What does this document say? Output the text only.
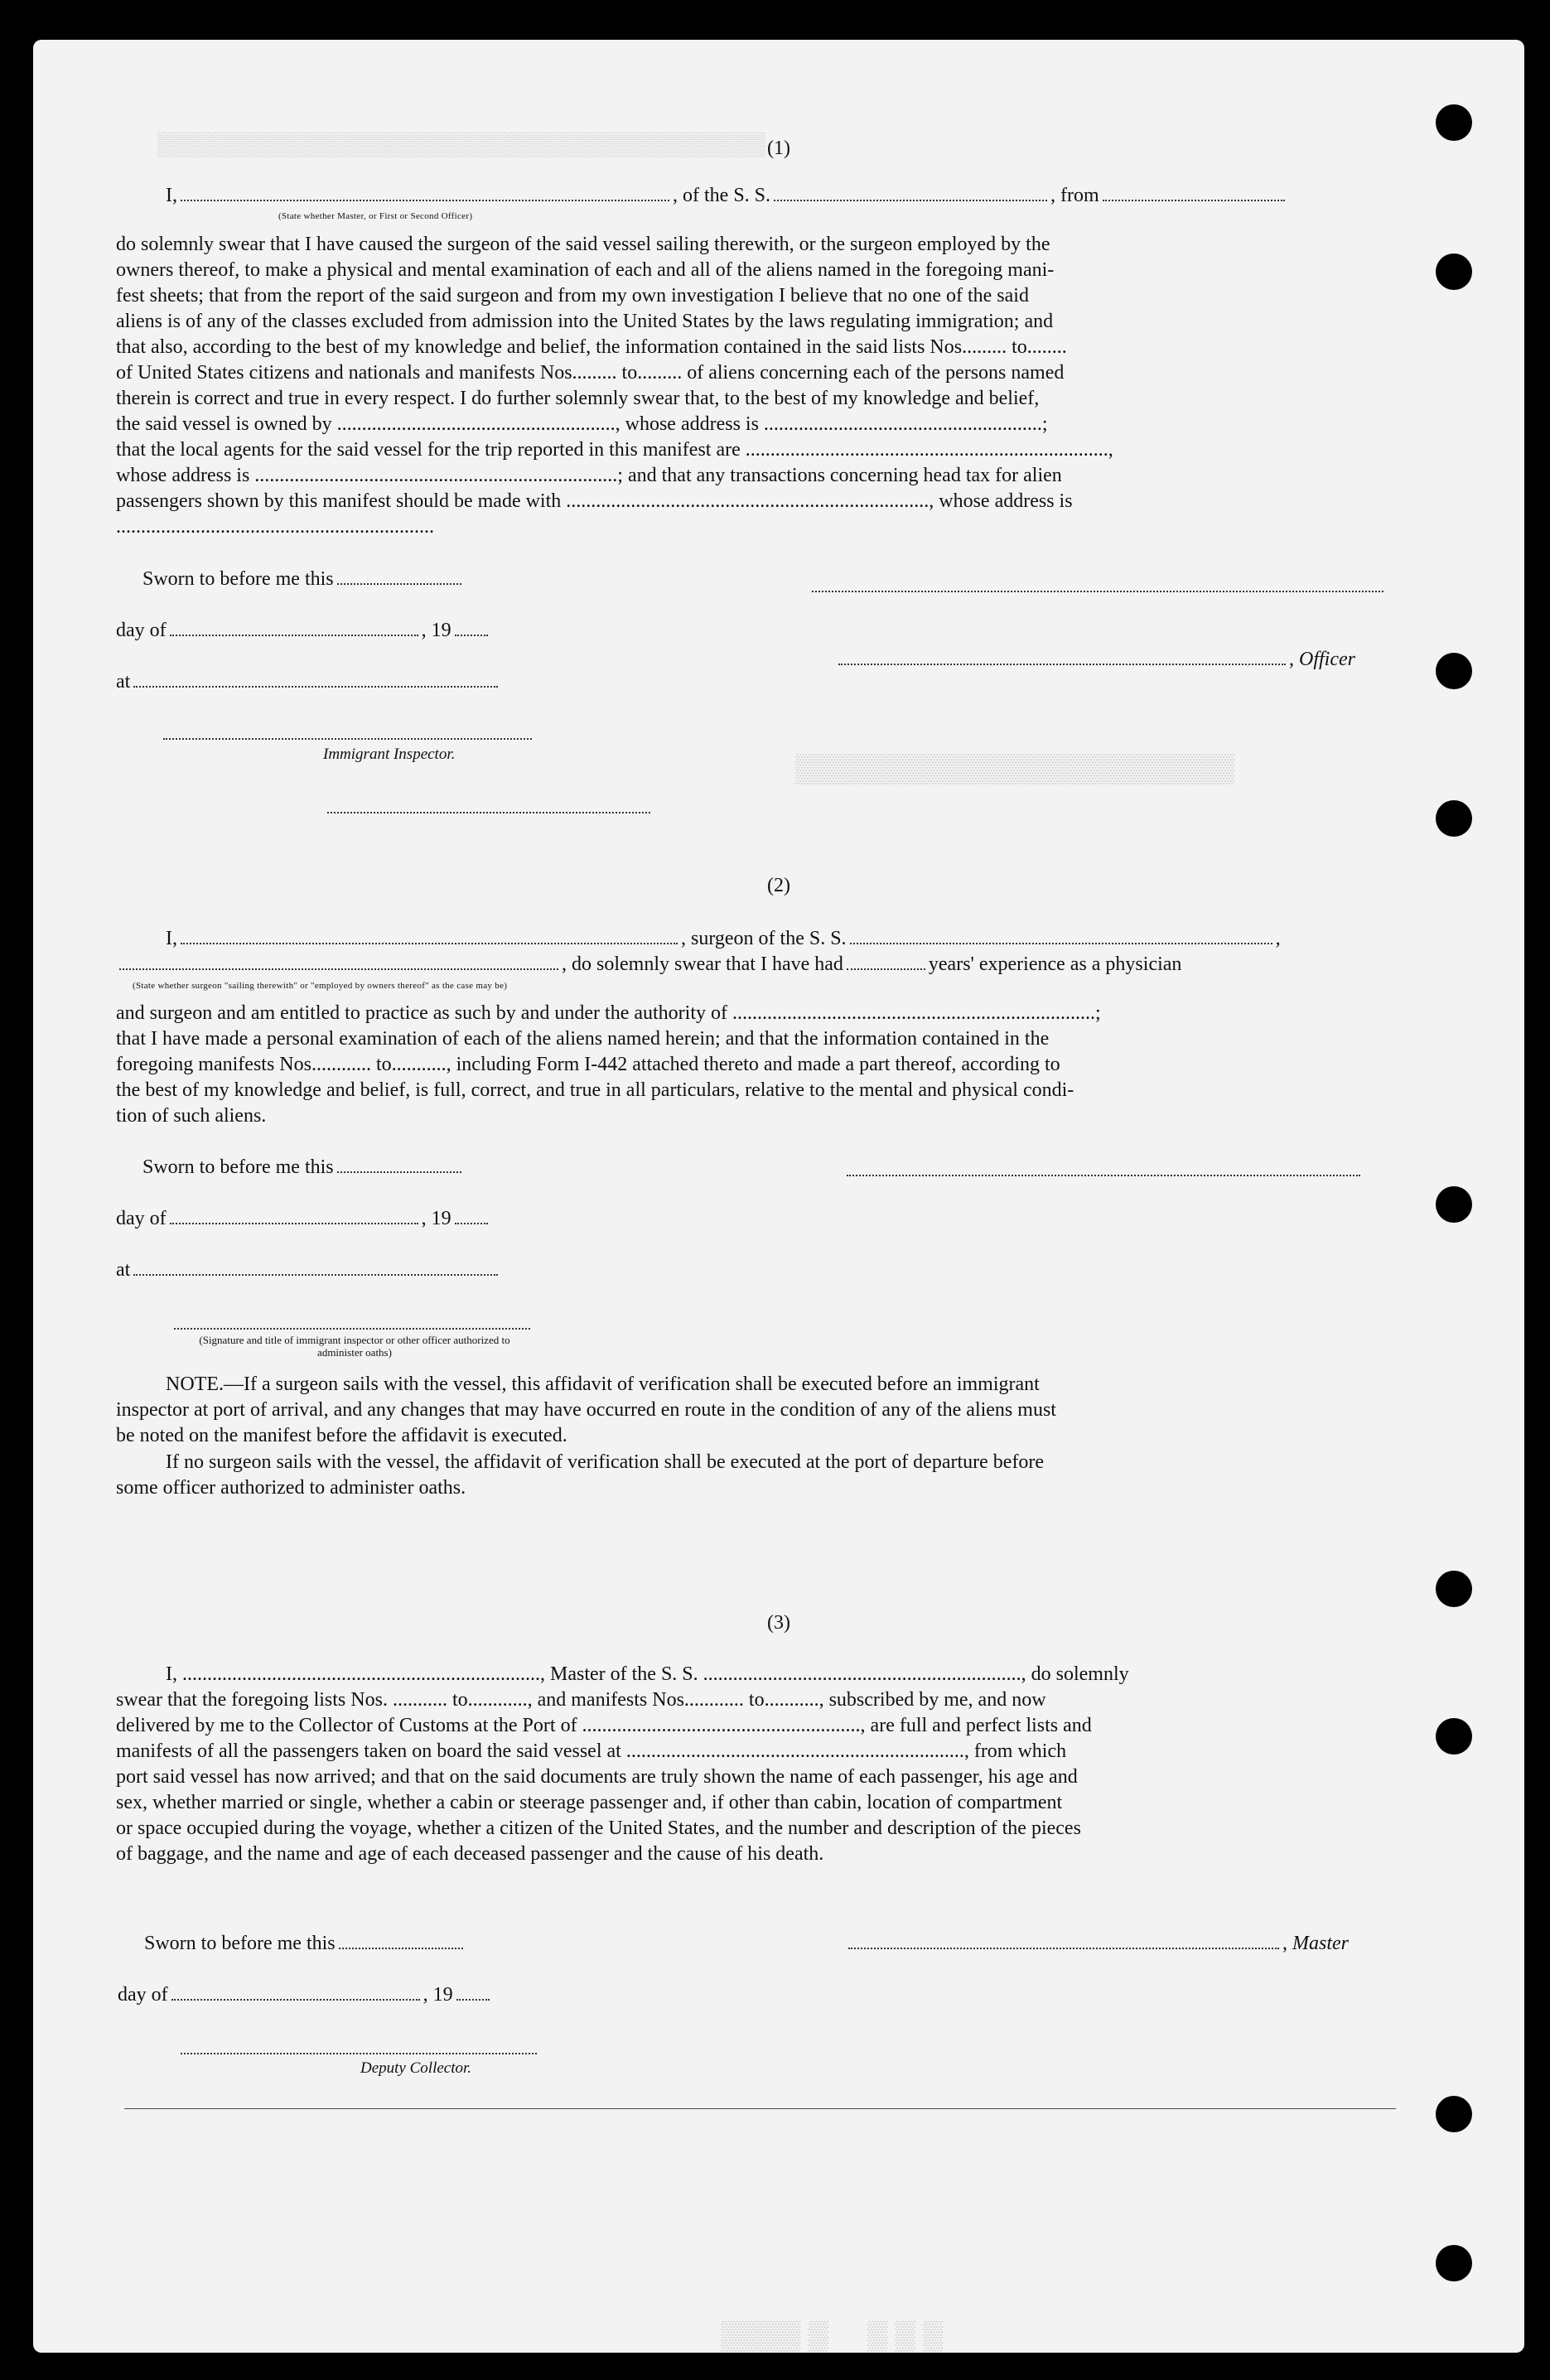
▒▒▒▒▒▒▒▒▒▒▒▒▒▒▒▒▒▒▒▒▒▒▒▒▒▒▒▒▒▒▒▒▒▒▒▒▒
▒▒▒▒▒▒▒▒▒▒▒▒▒▒▒▒▒▒▒▒▒▒
(1)
I,	, of the S. S.	, from
(State whether Master, or First or Second Officer)

do solemnly swear that I have caused the surgeon of the said vessel sailing therewith, or the surgeon employed by the

owners thereof, to make a physical and mental examination of each and all of the aliens named in the foregoing mani-

fest sheets; that from the report of the said surgeon and from my own investigation I believe that no one of the said

aliens is of any of the classes excluded from admission into the United States by the laws regulating immigration; and

that also, according to the best of my knowledge and belief, the information contained in the said lists Nos......... to........

of United States citizens and nationals and manifests Nos......... to......... of aliens concerning each of the persons named

therein is correct and true in every respect. I do further solemnly swear that, to the best of my knowledge and belief,

the said vessel is owned by ........................................................, whose address is ........................................................;

that the local agents for the said vessel for the trip reported in this manifest are .........................................................................,

whose address is .........................................................................; and that any transactions concerning head tax for alien

passengers shown by this manifest should be made with ........................................................................., whose address is

................................................................

Sworn to before me this
day of	, 19
, Officer
at
Immigrant Inspector.
(2)
I,	, surgeon of the S. S.	,
, do solemnly swear that I have had	years' experience as a physician
(State whether surgeon "sailing therewith" or "employed by owners thereof" as the case may be)

and surgeon and am entitled to practice as such by and under the authority of .........................................................................;

that I have made a personal examination of each of the aliens named herein; and that the information contained in the

foregoing manifests Nos............ to..........., including Form I-442 attached thereto and made a part thereof, according to

the best of my knowledge and belief, is full, correct, and true in all particulars, relative to the mental and physical condi-

tion of such aliens.

Sworn to before me this
day of	, 19
at
(Signature and title of immigrant inspector or other officer authorized to administer oaths)

NOTE.—If a surgeon sails with the vessel, this affidavit of verification shall be executed before an immigrant

inspector at port of arrival, and any changes that may have occurred en route in the condition of any of the aliens must

be noted on the manifest before the affidavit is executed.

If no surgeon sails with the vessel, the affidavit of verification shall be executed at the port of departure before

some officer authorized to administer oaths.

(3)

I, ........................................................................, Master of the S. S. ................................................................, do solemnly

swear that the foregoing lists Nos. ........... to............, and manifests Nos............ to..........., subscribed by me, and now

delivered by me to the Collector of Customs at the Port of ........................................................, are full and perfect lists and

manifests of all the passengers taken on board the said vessel at ...................................................................., from which

port said vessel has now arrived; and that on the said documents are truly shown the name of each passenger, his age and

sex, whether married or single, whether a cabin or steerage passenger and, if other than cabin, location of compartment

or space occupied during the voyage, whether a citizen of the United States, and the number and description of the pieces

of baggage, and the name and age of each deceased passenger and the cause of his death.

Sworn to before me this	, Master
day of	, 19
Deputy Collector.
▒▒▒▒ ▒     ▒ ▒ ▒
